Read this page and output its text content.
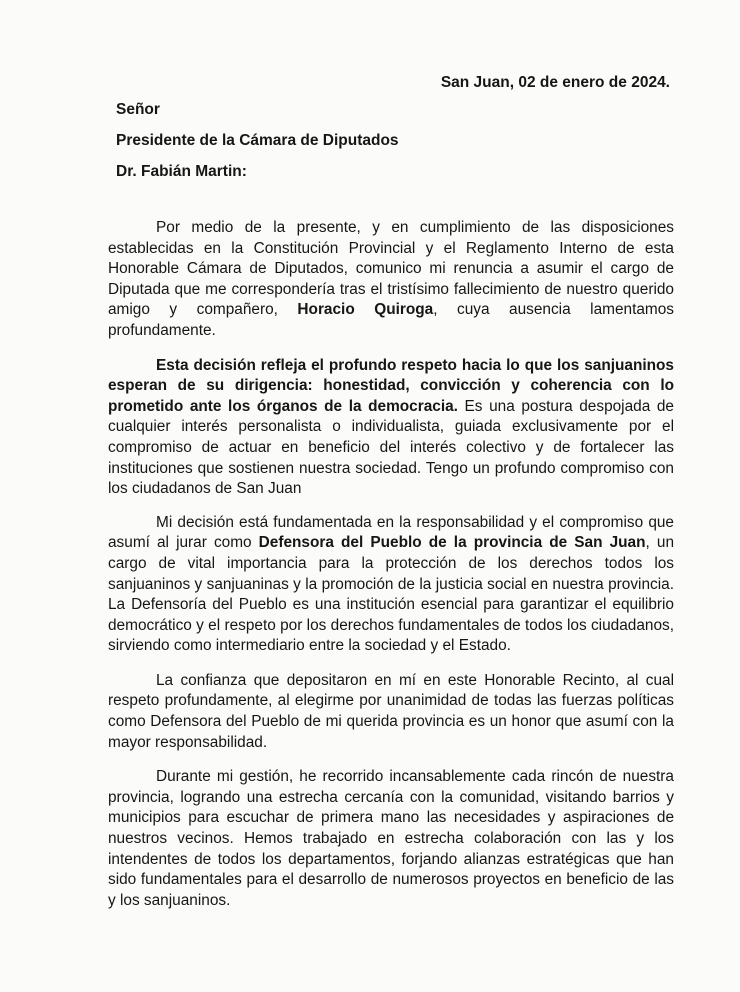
San Juan, 02 de enero de 2024.
Señor
Presidente de la Cámara de Diputados
Dr. Fabián Martin:

Por medio de la presente, y en cumplimiento de las disposiciones establecidas en la Constitución Provincial y el Reglamento Interno de esta Honorable Cámara de Diputados, comunico mi renuncia a asumir el cargo de Diputada que me correspondería tras el tristísimo fallecimiento de nuestro querido amigo y compañero, Horacio Quiroga, cuya ausencia lamentamos profundamente.

Esta decisión refleja el profundo respeto hacia lo que los sanjuaninos esperan de su dirigencia: honestidad, convicción y coherencia con lo prometido ante los órganos de la democracia. Es una postura despojada de cualquier interés personalista o individualista, guiada exclusivamente por el compromiso de actuar en beneficio del interés colectivo y de fortalecer las instituciones que sostienen nuestra sociedad. Tengo un profundo compromiso con los ciudadanos de San Juan

Mi decisión está fundamentada en la responsabilidad y el compromiso que asumí al jurar como Defensora del Pueblo de la provincia de San Juan, un cargo de vital importancia para la protección de los derechos todos los sanjuaninos y sanjuaninas y la promoción de la justicia social en nuestra provincia. La Defensoría del Pueblo es una institución esencial para garantizar el equilibrio democrático y el respeto por los derechos fundamentales de todos los ciudadanos, sirviendo como intermediario entre la sociedad y el Estado.

La confianza que depositaron en mí en este Honorable Recinto, al cual respeto profundamente, al elegirme por unanimidad de todas las fuerzas políticas como Defensora del Pueblo de mi querida provincia es un honor que asumí con la mayor responsabilidad.

Durante mi gestión, he recorrido incansablemente cada rincón de nuestra provincia, logrando una estrecha cercanía con la comunidad, visitando barrios y municipios para escuchar de primera mano las necesidades y aspiraciones de nuestros vecinos. Hemos trabajado en estrecha colaboración con las y los intendentes de todos los departamentos, forjando alianzas estratégicas que han sido fundamentales para el desarrollo de numerosos proyectos en beneficio de las y los sanjuaninos.
